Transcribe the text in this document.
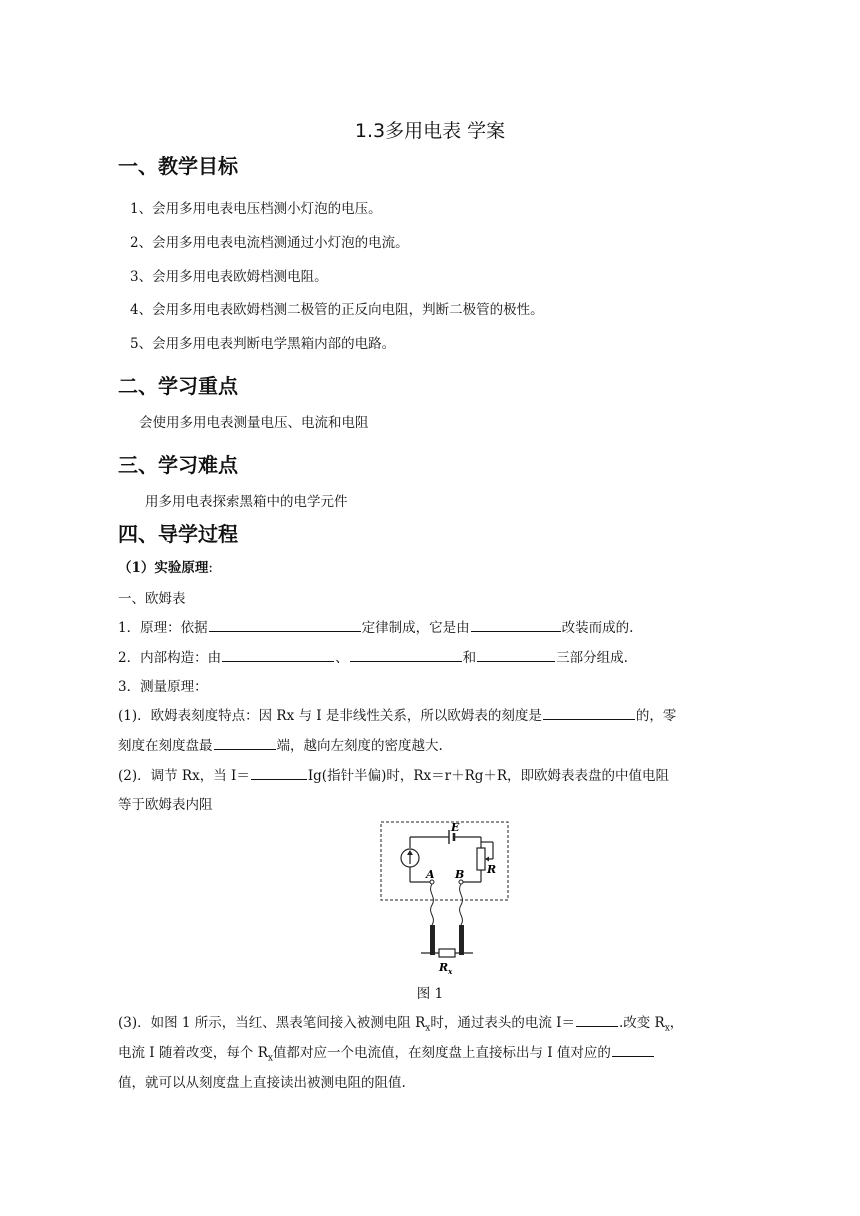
1.3多用电表 学案
一、教学目标
1、会用多用电表电压档测小灯泡的电压。
2、会用多用电表电流档测通过小灯泡的电流。
3、会用多用电表欧姆档测电阻。
4、会用多用电表欧姆档测二极管的正反向电阻，判断二极管的极性。
5、会用多用电表判断电学黑箱内部的电路。
二、学习重点
会使用多用电表测量电压、电流和电阻
三、学习难点
用多用电表探索黑箱中的电学元件
四、导学过程
（1）实验原理:
一、欧姆表
1．原理：依据	定律制成，它是由	改装而成的.
2．内部构造：由	、	和	三部分组成.
3．测量原理：
(1)．欧姆表刻度特点：因 Rx 与 I 是非线性关系，所以欧姆表的刻度是	的，零
刻度在刻度盘最	端，越向左刻度的密度越大.
(2)．调节 Rx，当 I＝	Ig(指针半偏)时，Rx＝r＋Rg＋R，即欧姆表表盘的中值电阻
等于欧姆表内阻
E
A	R
B
$R_x$
图 1
(3)．如图 1 所示，当红、黑表笔间接入被测电阻 $R_x$时，通过表头的电流 I＝	.改变 $R_x$，
电流 I 随着改变，每个 $R_x$值都对应一个电流值，在刻度盘上直接标出与 I 值对应的
值，就可以从刻度盘上直接读出被测电阻的阻值.
